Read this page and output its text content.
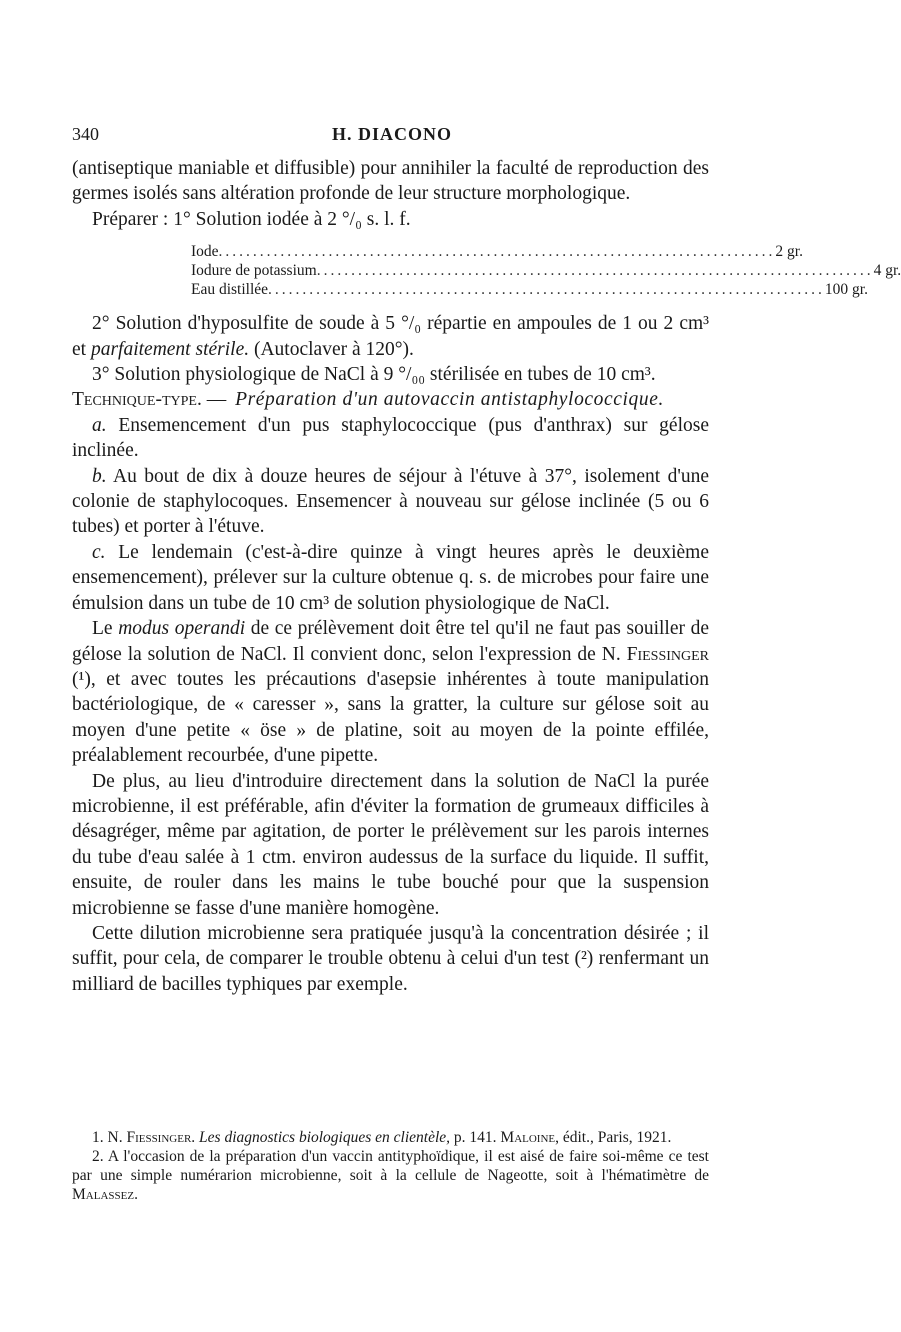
340	H. DIACONO

(antiseptique maniable et diffusible) pour annihiler la faculté de reproduction des germes isolés sans altération profonde de leur structure morphologique.

Préparer : 1° Solution iodée à 2 °/₀ s. l. f.

Iode ................................................................................. 2 gr.
Iodure de potassium ................................................................................. 4 gr.
Eau distillée ................................................................................. 100 gr.

2° Solution d'hyposulfite de soude à 5 °/₀ répartie en ampoules de 1 ou 2 cm³ et parfaitement stérile. (Autoclaver à 120°).

3° Solution physiologique de NaCl à 9 °/₀₀ stérilisée en tubes de 10 cm³.

Technique-type. — Préparation d'un autovaccin antistaphylococcique.

a. Ensemencement d'un pus staphylococcique (pus d'anthrax) sur gélose inclinée.

b. Au bout de dix à douze heures de séjour à l'étuve à 37°, isolement d'une colonie de staphylocoques. Ensemencer à nouveau sur gélose inclinée (5 ou 6 tubes) et porter à l'étuve.

c. Le lendemain (c'est-à-dire quinze à vingt heures après le deuxième ensemencement), prélever sur la culture obtenue q. s. de microbes pour faire une émulsion dans un tube de 10 cm³ de solution physiologique de NaCl.

Le modus operandi de ce prélèvement doit être tel qu'il ne faut pas souiller de gélose la solution de NaCl. Il convient donc, selon l'expression de N. Fiessinger (¹), et avec toutes les précautions d'asepsie inhérentes à toute manipulation bactériologique, de « caresser », sans la gratter, la culture sur gélose soit au moyen d'une petite « öse » de platine, soit au moyen de la pointe effilée, préalablement recourbée, d'une pipette.

De plus, au lieu d'introduire directement dans la solution de NaCl la purée microbienne, il est préférable, afin d'éviter la formation de grumeaux difficiles à désagréger, même par agitation, de porter le prélèvement sur les parois internes du tube d'eau salée à 1 ctm. environ audessus de la surface du liquide. Il suffit, ensuite, de rouler dans les mains le tube bouché pour que la suspension microbienne se fasse d'une manière homogène.

Cette dilution microbienne sera pratiquée jusqu'à la concentration désirée ; il suffit, pour cela, de comparer le trouble obtenu à celui d'un test (²) renfermant un milliard de bacilles typhiques par exemple.

1. N. Fiessinger. Les diagnostics biologiques en clientèle, p. 141. Maloine, édit., Paris, 1921.

2. A l'occasion de la préparation d'un vaccin antityphoïdique, il est aisé de faire soi-même ce test par une simple numérarion microbienne, soit à la cellule de Nageotte, soit à l'hématimètre de Malassez.
